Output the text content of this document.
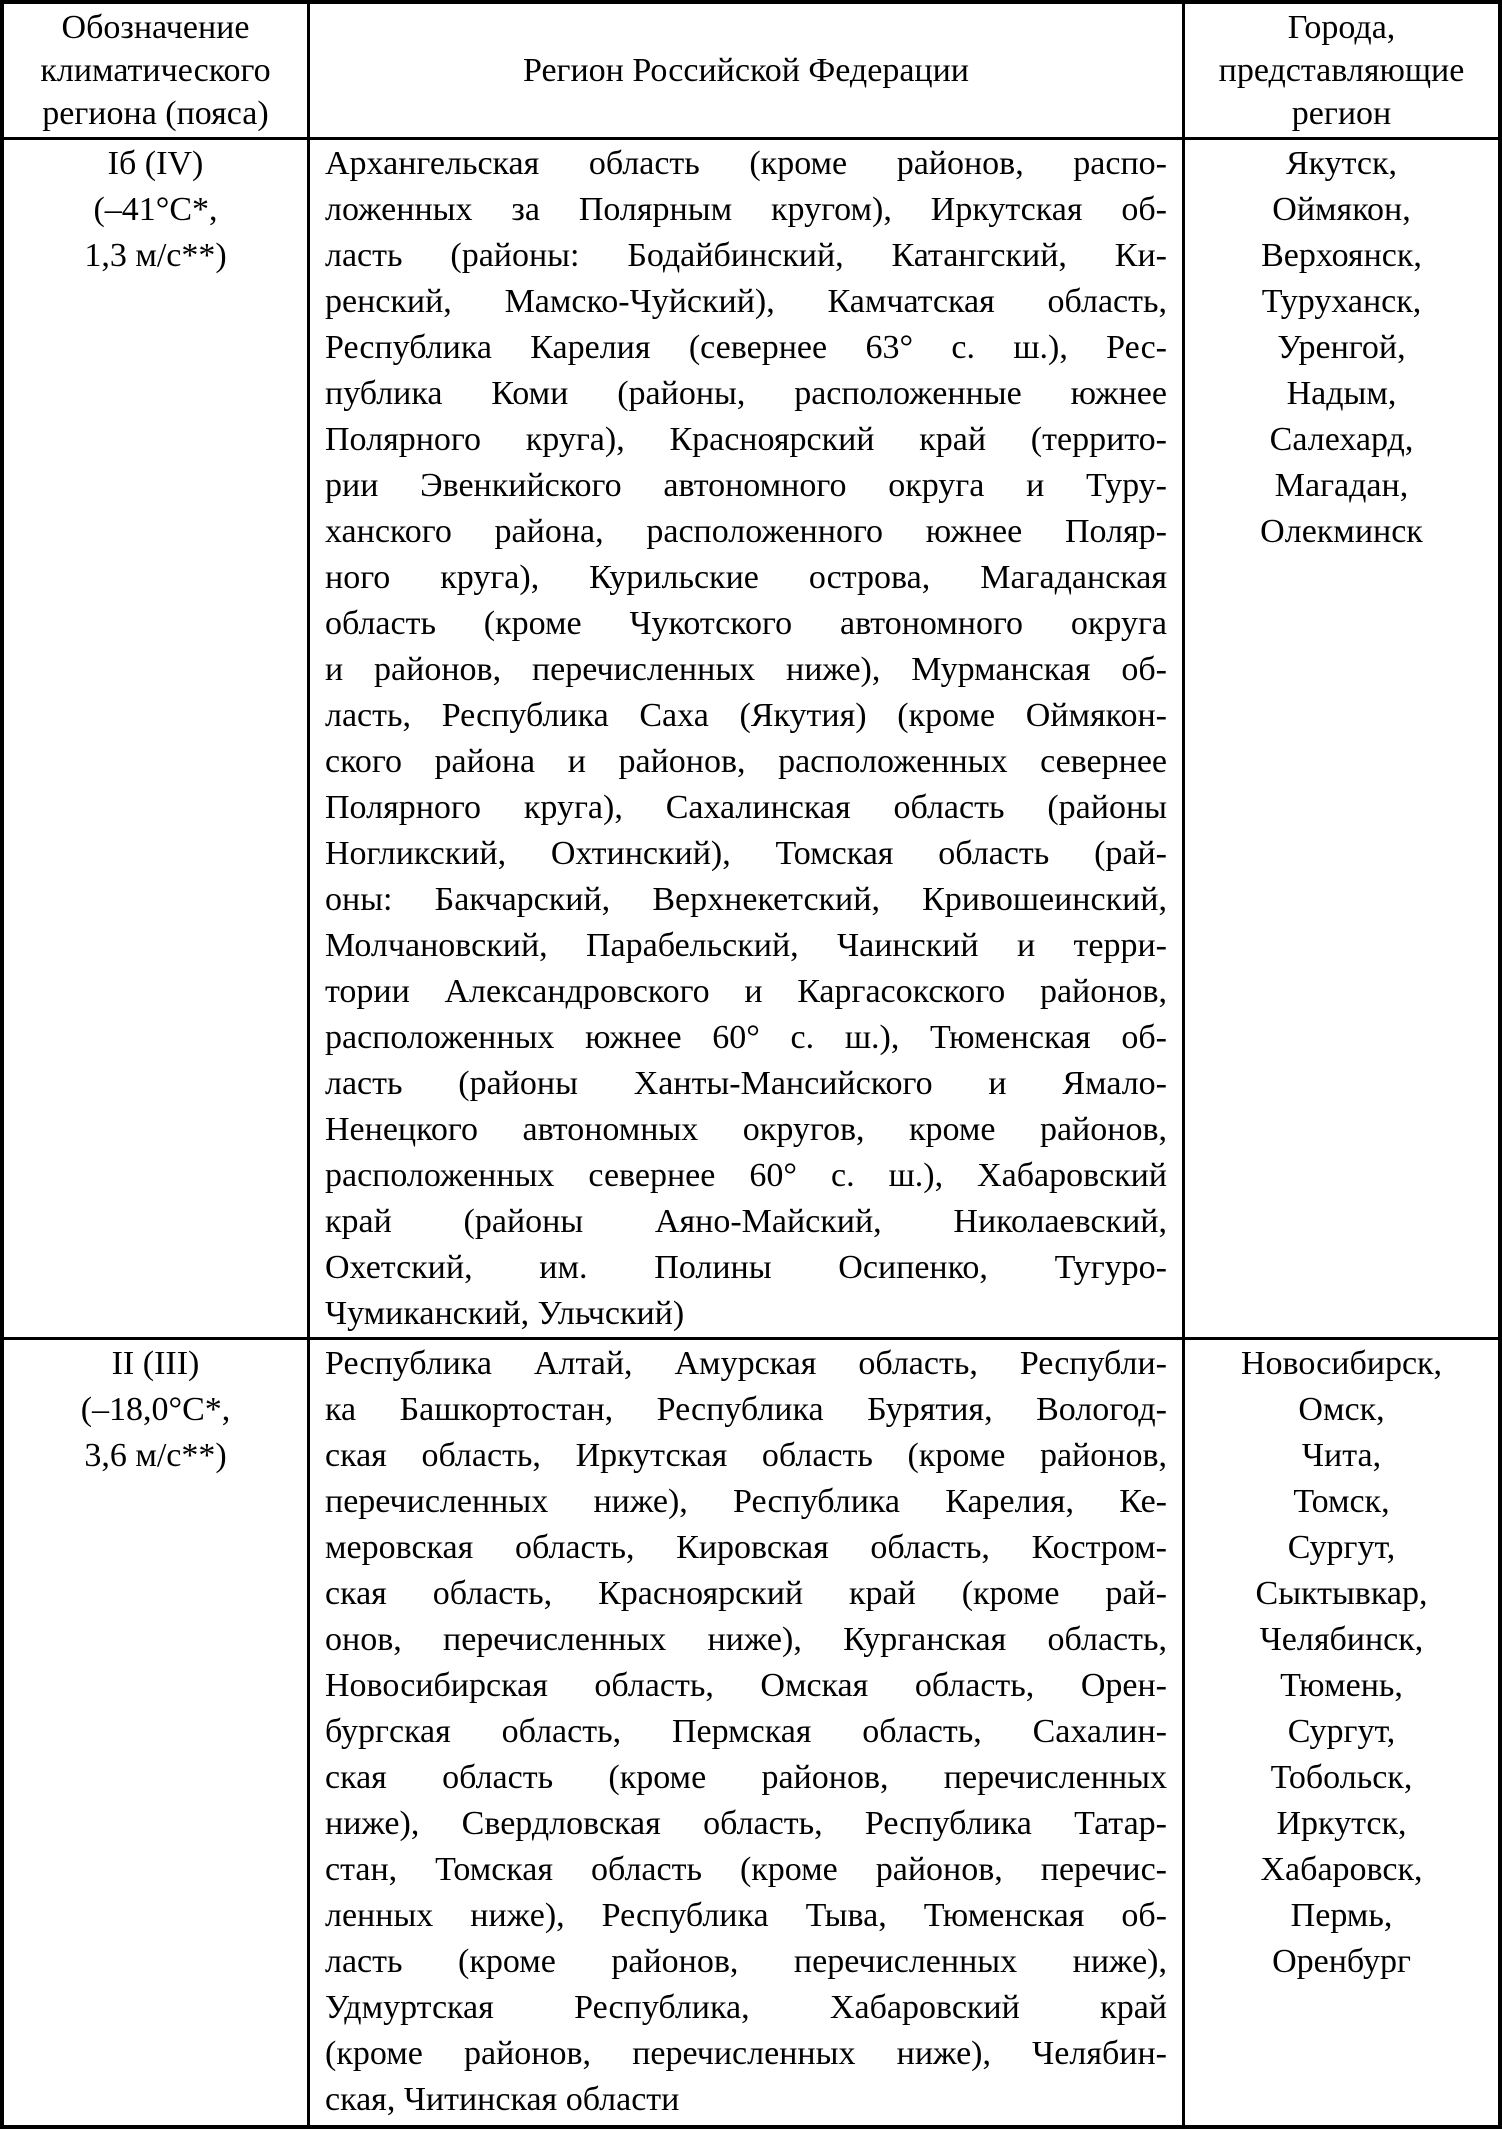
Обозначение климатического региона (пояса)
Регион Российской Федерации
Города, представляющие регион
Iб (IV)
(–41°C*,
1,3 м/с**)
Архангельская область (кроме районов, распо-
ложенных за Полярным кругом), Иркутская об-
ласть (районы: Бодайбинский, Катангский, Ки-
ренский, Мамско-Чуйский), Камчатская область,
Республика Карелия (севернее 63° с. ш.), Рес-
публика Коми (районы, расположенные южнее
Полярного круга), Красноярский край (террито-
рии Эвенкийского автономного округа и Туру-
ханского района, расположенного южнее Поляр-
ного круга), Курильские острова, Магаданская
область (кроме Чукотского автономного округа
и районов, перечисленных ниже), Мурманская об-
ласть, Республика Саха (Якутия) (кроме Оймякон-
ского района и районов, расположенных севернее
Полярного круга), Сахалинская область (районы
Ногликский, Охтинский), Томская область (рай-
оны: Бакчарский, Верхнекетский, Кривошеинский,
Молчановский, Парабельский, Чаинский и терри-
тории Александровского и Каргасокского районов,
расположенных южнее 60° с. ш.), Тюменская об-
ласть (районы Ханты-Мансийского и Ямало-
Ненецкого автономных округов, кроме районов,
расположенных севернее 60° с. ш.), Хабаровский
край (районы Аяно-Майский, Николаевский,
Охетский, им. Полины Осипенко, Тугуро-
Чумиканский, Ульчский)
Якутск,
Оймякон,
Верхоянск,
Туруханск,
Уренгой,
Надым,
Салехард,
Магадан,
Олекминск
II (III)
(–18,0°C*,
3,6 м/с**)
Республика Алтай, Амурская область, Республи-
ка Башкортостан, Республика Бурятия, Вологод-
ская область, Иркутская область (кроме районов,
перечисленных ниже), Республика Карелия, Ке-
меровская область, Кировская область, Костром-
ская область, Красноярский край (кроме рай-
онов, перечисленных ниже), Курганская область,
Новосибирская область, Омская область, Орен-
бургская область, Пермская область, Сахалин-
ская область (кроме районов, перечисленных
ниже), Свердловская область, Республика Татар-
стан, Томская область (кроме районов, перечис-
ленных ниже), Республика Тыва, Тюменская об-
ласть (кроме районов, перечисленных ниже),
Удмуртская Республика, Хабаровский край
(кроме районов, перечисленных ниже), Челябин-
ская, Читинская области
Новосибирск,
Омск,
Чита,
Томск,
Сургут,
Сыктывкар,
Челябинск,
Тюмень,
Сургут,
Тобольск,
Иркутск,
Хабаровск,
Пермь,
Оренбург
